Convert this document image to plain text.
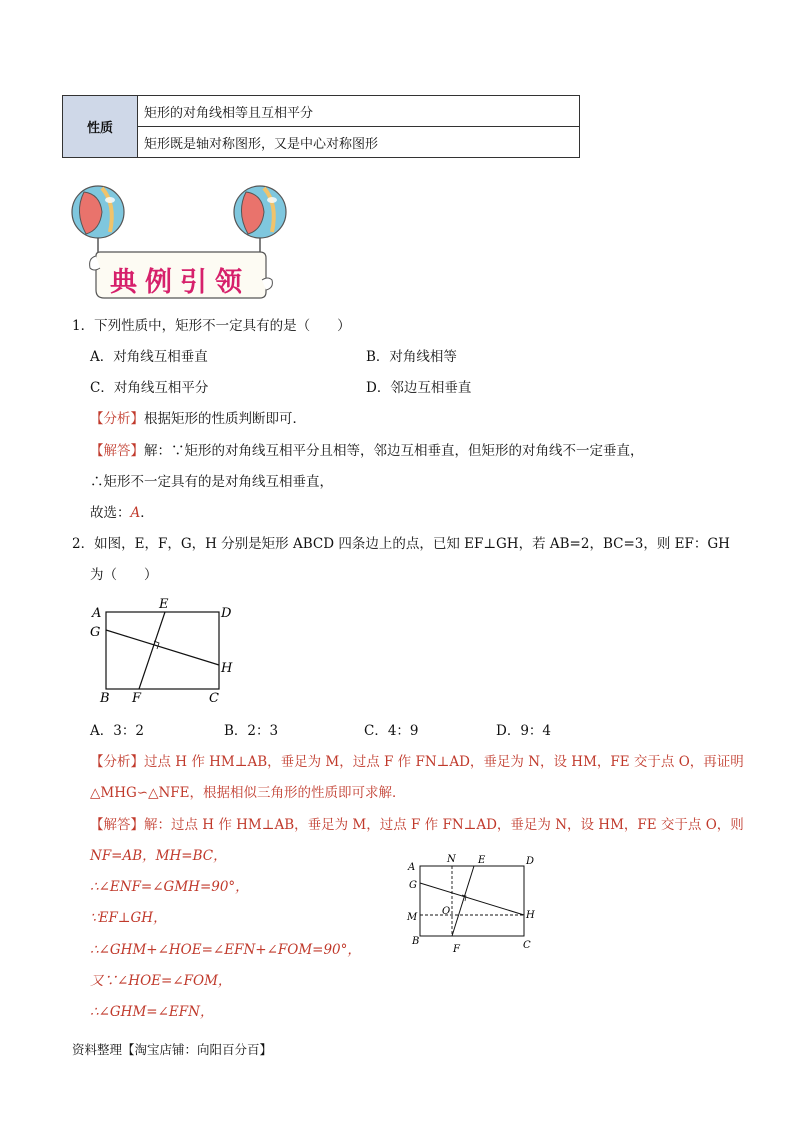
性质	矩形的对角线相等且互相平分
矩形既是轴对称图形，又是中心对称图形
典例引领
1．下列性质中，矩形不一定具有的是（　　）
A．对角线互相垂直	B．对角线相等
C．对角线互相平分	D．邻边互相垂直
【分析】根据矩形的性质判断即可．
【解答】解：∵矩形的对角线互相平分且相等，邻边互相垂直，但矩形的对角线不一定垂直，
∴矩形不一定具有的是对角线互相垂直，
故选：A．
2．如图，E，F，G，H 分别是矩形 ABCD 四条边上的点，已知 EF⊥GH，若 AB=2，BC=3，则 EF：GH
为（　　）
A
E
D
G
H
B F	C
A．3：2	B．2：3	C．4：9	D．9：4
【分析】过点 H 作 HM⊥AB，垂足为 M，过点 F 作 FN⊥AD，垂足为 N，设 HM，FE 交于点 O，再证明
△MHG∽△NFE，根据相似三角形的性质即可求解．
【解答】解：过点 H 作 HM⊥AB，垂足为 M，过点 F 作 FN⊥AD，垂足为 N，设 HM，FE 交于点 O，则
NF=AB，MH=BC，
∴∠ENF=∠GMH=90°，
∵EF⊥GH，
∴∠GHM+∠HOE=∠EFN+∠FOM=90°，
又∵∠HOE=∠FOM，
∴∠GHM=∠EFN，
A
N E	D
G
O	H
M
B
F	C
资料整理【淘宝店铺：向阳百分百】
